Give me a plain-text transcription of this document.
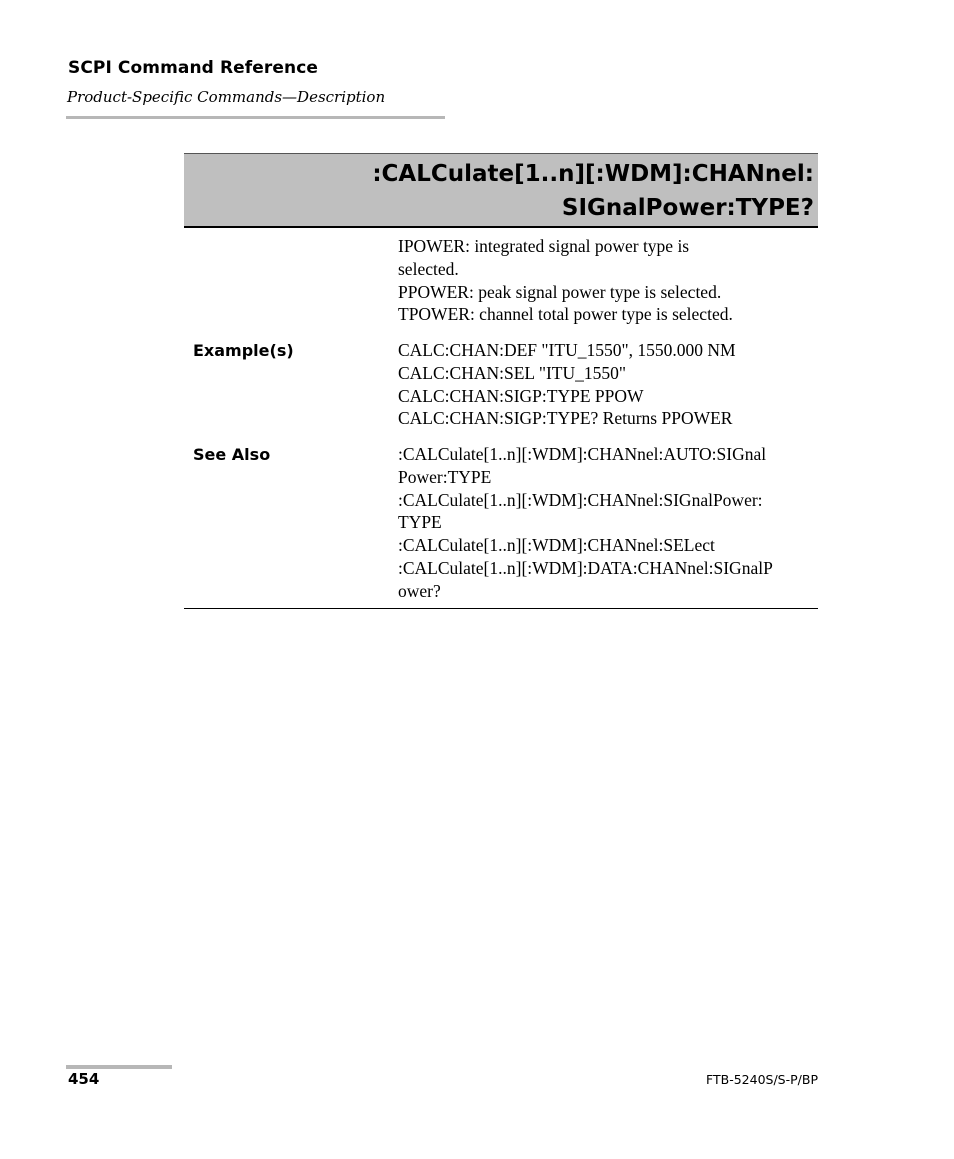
SCPI Command Reference
Product-Specific Commands—Description
:CALCulate[1..n][:WDM]:CHANnel:
SIGnalPower:TYPE?
IPOWER: integrated signal power type is
selected.
PPOWER: peak signal power type is selected.
TPOWER: channel total power type is selected.
Example(s)	CALC:CHAN:DEF "ITU_1550", 1550.000 NM
CALC:CHAN:SEL "ITU_1550"
CALC:CHAN:SIGP:TYPE PPOW
CALC:CHAN:SIGP:TYPE? Returns PPOWER
See Also	:CALCulate[1..n][:WDM]:CHANnel:AUTO:SIGnal
Power:TYPE
:CALCulate[1..n][:WDM]:CHANnel:SIGnalPower:
TYPE
:CALCulate[1..n][:WDM]:CHANnel:SELect
:CALCulate[1..n][:WDM]:DATA:CHANnel:SIGnalP
ower?
454	FTB-5240S/S-P/BP
